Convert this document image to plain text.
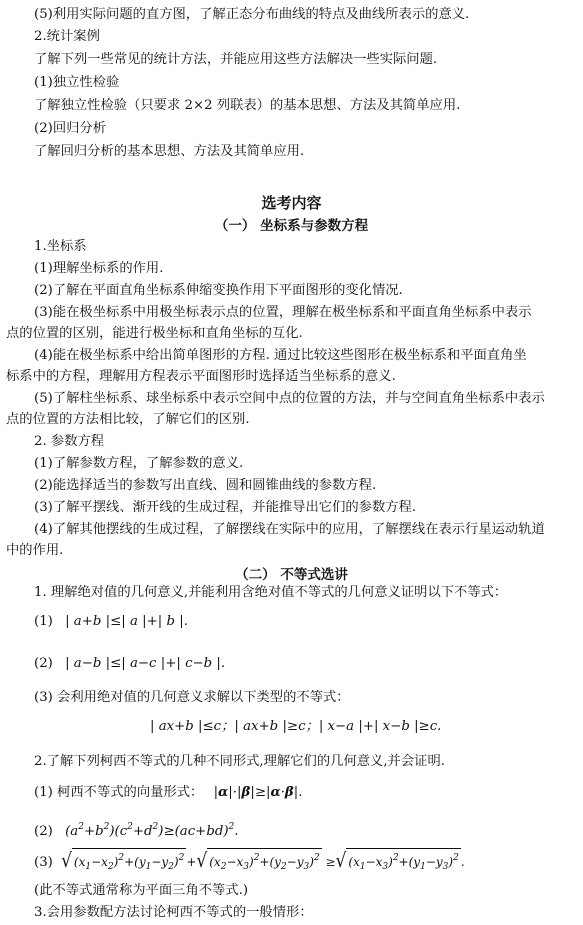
(5)利用实际问题的直方图，了解正态分布曲线的特点及曲线所表示的意义.
2.统计案例
了解下列一些常见的统计方法，并能应用这些方法解决一些实际问题.
(1)独立性检验
了解独立性检验（只要求 2×2 列联表）的基本思想、方法及其简单应用.
(2)回归分析
了解回归分析的基本思想、方法及其简单应用.
选考内容
（一） 坐标系与参数方程
1.坐标系
(1)理解坐标系的作用.
(2)了解在平面直角坐标系伸缩变换作用下平面图形的变化情况.
(3)能在极坐标系中用极坐标表示点的位置，理解在极坐标系和平面直角坐标系中表示
点的位置的区别，能进行极坐标和直角坐标的互化.
(4)能在极坐标系中给出简单图形的方程. 通过比较这些图形在极坐标系和平面直角坐
标系中的方程，理解用方程表示平面图形时选择适当坐标系的意义.
(5)了解柱坐标系、球坐标系中表示空间中点的位置的方法，并与空间直角坐标系中表示
点的位置的方法相比较，了解它们的区别.
2. 参数方程
(1)了解参数方程，了解参数的意义.
(2)能选择适当的参数写出直线、圆和圆锥曲线的参数方程.
(3)了解平摆线、渐开线的生成过程，并能推导出它们的参数方程.
(4)了解其他摆线的生成过程，了解摆线在实际中的应用，了解摆线在表示行星运动轨道
中的作用.
（二） 不等式选讲
1. 理解绝对值的几何意义,并能利用含绝对值不等式的几何意义证明以下不等式：
(1) | a+b |≤| a |+| b |.
(2) | a−b |≤| a−c |+| c−b |.
(3) 会利用绝对值的几何意义求解以下类型的不等式：
| ax+b |≤c；| ax+b |≥c；| x−a |+| x−b |≥c.
2.了解下列柯西不等式的几种不同形式,理解它们的几何意义,并会证明.
(1) 柯西不等式的向量形式： |α|·|β|≥|α·β|.
(2) $(a^2+b^2)(c^2+d^2)\ge(ac+bd)^2$.
(3) √ $(x_1-x_2)^2+(y_1-y_2)^2$ +√ $(x_2-x_3)^2+(y_2-y_3)^2$ ≥√ $(x_1-x_3)^2+(y_1-y_3)^2$ .
(此不等式通常称为平面三角不等式.)
3.会用参数配方法讨论柯西不等式的一般情形：
